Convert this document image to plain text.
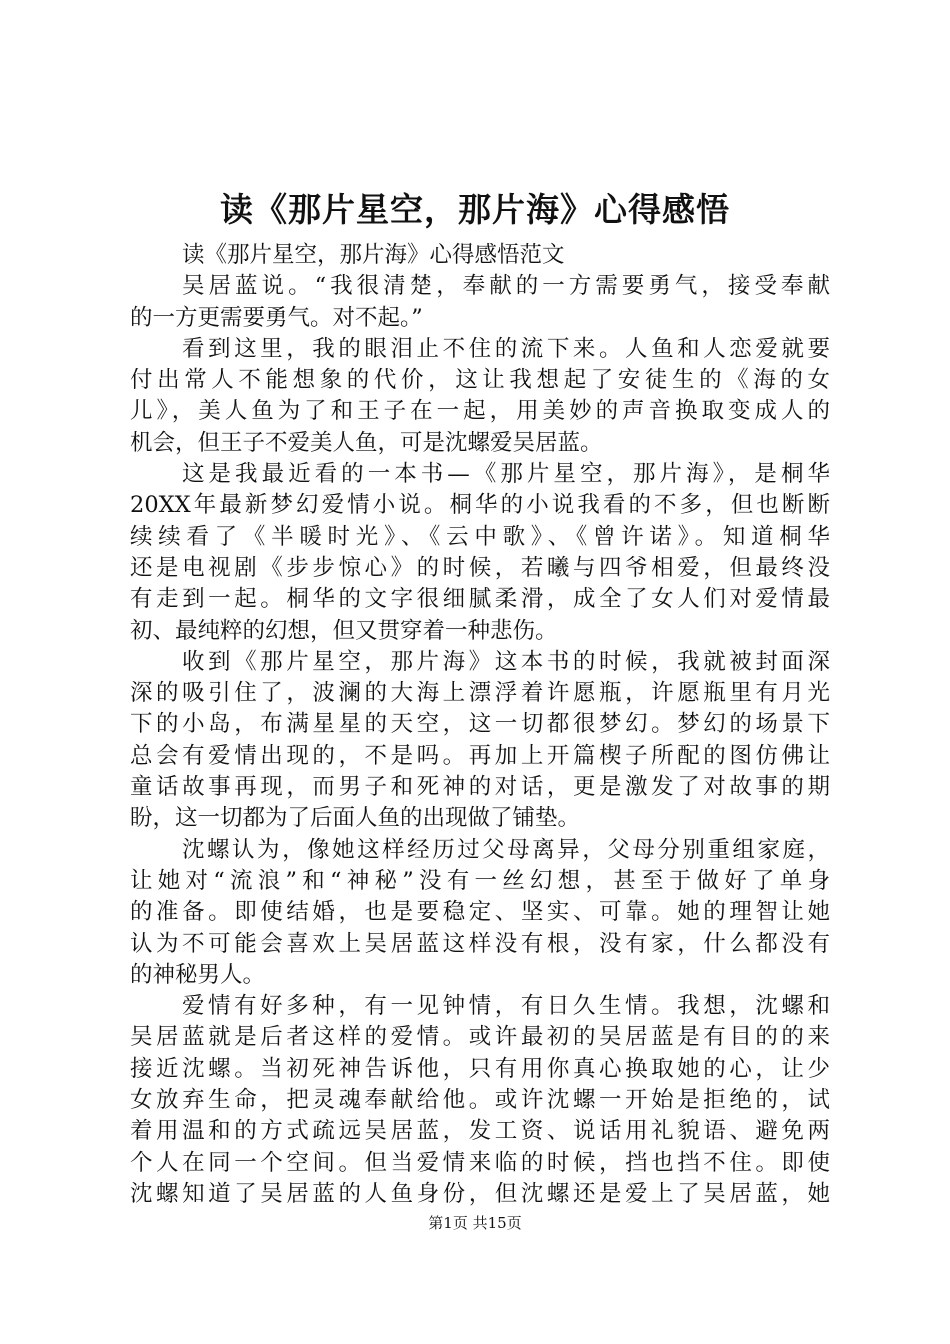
读《那片星空，那片海》心得感悟
读《那片星空，那片海》心得感悟范文
吴居蓝说。“我很清楚，奉献的一方需要勇气，接受奉献
的一方更需要勇气。对不起。”
看到这里，我的眼泪止不住的流下来。人鱼和人恋爱就要
付出常人不能想象的代价，这让我想起了安徒生的《海的女
儿》，美人鱼为了和王子在一起，用美妙的声音换取变成人的
机会，但王子不爱美人鱼，可是沈螺爱吴居蓝。
这是我最近看的一本书—《那片星空，那片海》，是桐华
20XX年最新梦幻爱情小说。桐华的小说我看的不多，但也断断
续续看了《半暖时光》、《云中歌》、《曾许诺》。知道桐华
还是电视剧《步步惊心》的时候，若曦与四爷相爱，但最终没
有走到一起。桐华的文字很细腻柔滑，成全了女人们对爱情最
初、最纯粹的幻想，但又贯穿着一种悲伤。
收到《那片星空，那片海》这本书的时候，我就被封面深
深的吸引住了，波澜的大海上漂浮着许愿瓶，许愿瓶里有月光
下的小岛，布满星星的天空，这一切都很梦幻。梦幻的场景下
总会有爱情出现的，不是吗。再加上开篇楔子所配的图仿佛让
童话故事再现，而男子和死神的对话，更是激发了对故事的期
盼，这一切都为了后面人鱼的出现做了铺垫。
沈螺认为，像她这样经历过父母离异，父母分别重组家庭，
让她对“流浪”和“神秘”没有一丝幻想，甚至于做好了单身
的准备。即使结婚，也是要稳定、坚实、可靠。她的理智让她
认为不可能会喜欢上吴居蓝这样没有根，没有家，什么都没有
的神秘男人。
爱情有好多种，有一见钟情，有日久生情。我想，沈螺和
吴居蓝就是后者这样的爱情。或许最初的吴居蓝是有目的的来
接近沈螺。当初死神告诉他，只有用你真心换取她的心，让少
女放弃生命，把灵魂奉献给他。或许沈螺一开始是拒绝的，试
着用温和的方式疏远吴居蓝，发工资、说话用礼貌语、避免两
个人在同一个空间。但当爱情来临的时候，挡也挡不住。即使
沈螺知道了吴居蓝的人鱼身份，但沈螺还是爱上了吴居蓝，她
第1页 共15页
